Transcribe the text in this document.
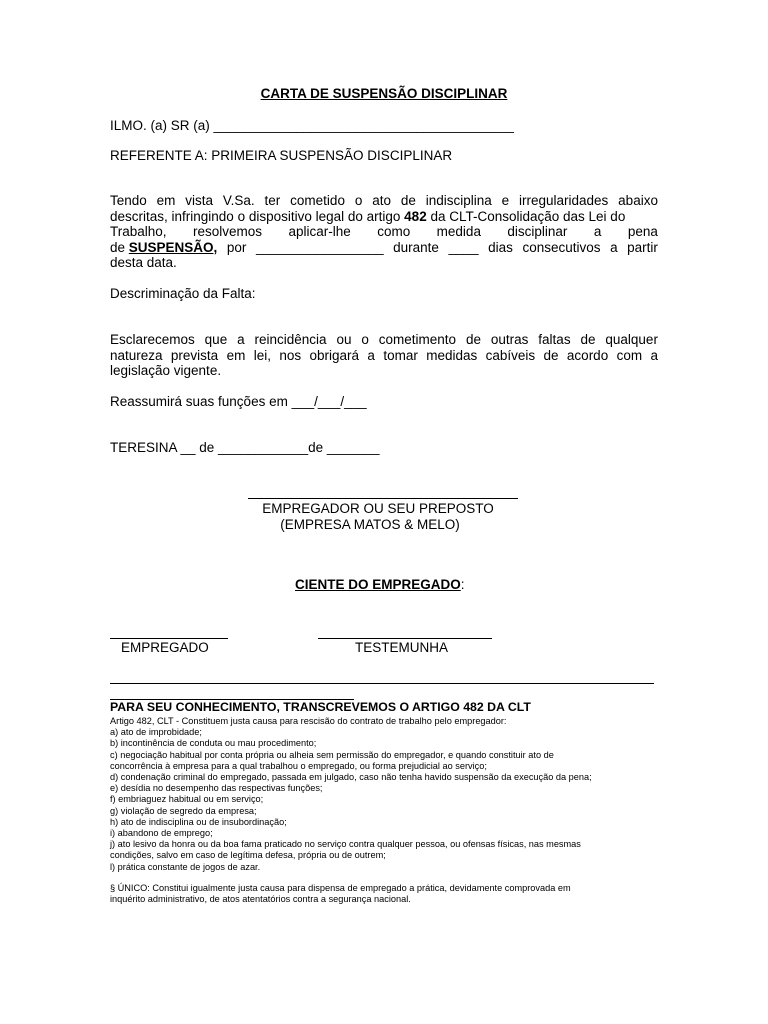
CARTA DE SUSPENSÃO DISCIPLINAR
ILMO. (a) SR (a) ________________________________________
REFERENTE A: PRIMEIRA SUSPENSÃO DISCIPLINAR
Tendo em vista V.Sa. ter cometido o ato de indisciplina e irregularidades abaixo
descritas, infringindo o dispositivo legal do artigo 482 da CLT-Consolidação das Lei do
Trabalho, resolvemos aplicar-lhe como medida disciplinar a pena
de SUSPENSÃO, por _________________ durante ____ dias consecutivos a partir
desta data.
Descriminação da Falta:
Esclarecemos que a reincidência ou o cometimento de outras faltas de qualquer
natureza prevista em lei, nos obrigará a tomar medidas cabíveis de acordo com a
legislação vigente.
Reassumirá suas funções em ___/___/___
TERESINA __ de ____________de _______
EMPREGADOR OU SEU PREPOSTO
(EMPRESA MATOS & MELO)
CIENTE DO EMPREGADO:
EMPREGADO	TESTEMUNHA
PARA SEU CONHECIMENTO, TRANSCREVEMOS O ARTIGO 482 DA CLT
Artigo 482, CLT - Constituem justa causa para rescisão do contrato de trabalho pelo empregador:
a) ato de improbidade;
b) incontinência de conduta ou mau procedimento;
c) negociação habitual por conta própria ou alheia sem permissão do empregador, e quando constituir ato de
concorrência à empresa para a qual trabalhou o empregado, ou forma prejudicial ao serviço;
d) condenação criminal do empregado, passada em julgado, caso não tenha havido suspensão da execução da pena;
e) desídia no desempenho das respectivas funções;
f) embriaguez habitual ou em serviço;
g) violação de segredo da empresa;
h) ato de indisciplina ou de insubordinação;
i) abandono de emprego;
j) ato lesivo da honra ou da boa fama praticado no serviço contra qualquer pessoa, ou ofensas físicas, nas mesmas
condições, salvo em caso de legítima defesa, própria ou de outrem;
l) prática constante de jogos de azar.
§ ÚNICO: Constitui igualmente justa causa para dispensa de empregado a prática, devidamente comprovada em
inquérito administrativo, de atos atentatórios contra a segurança nacional.
